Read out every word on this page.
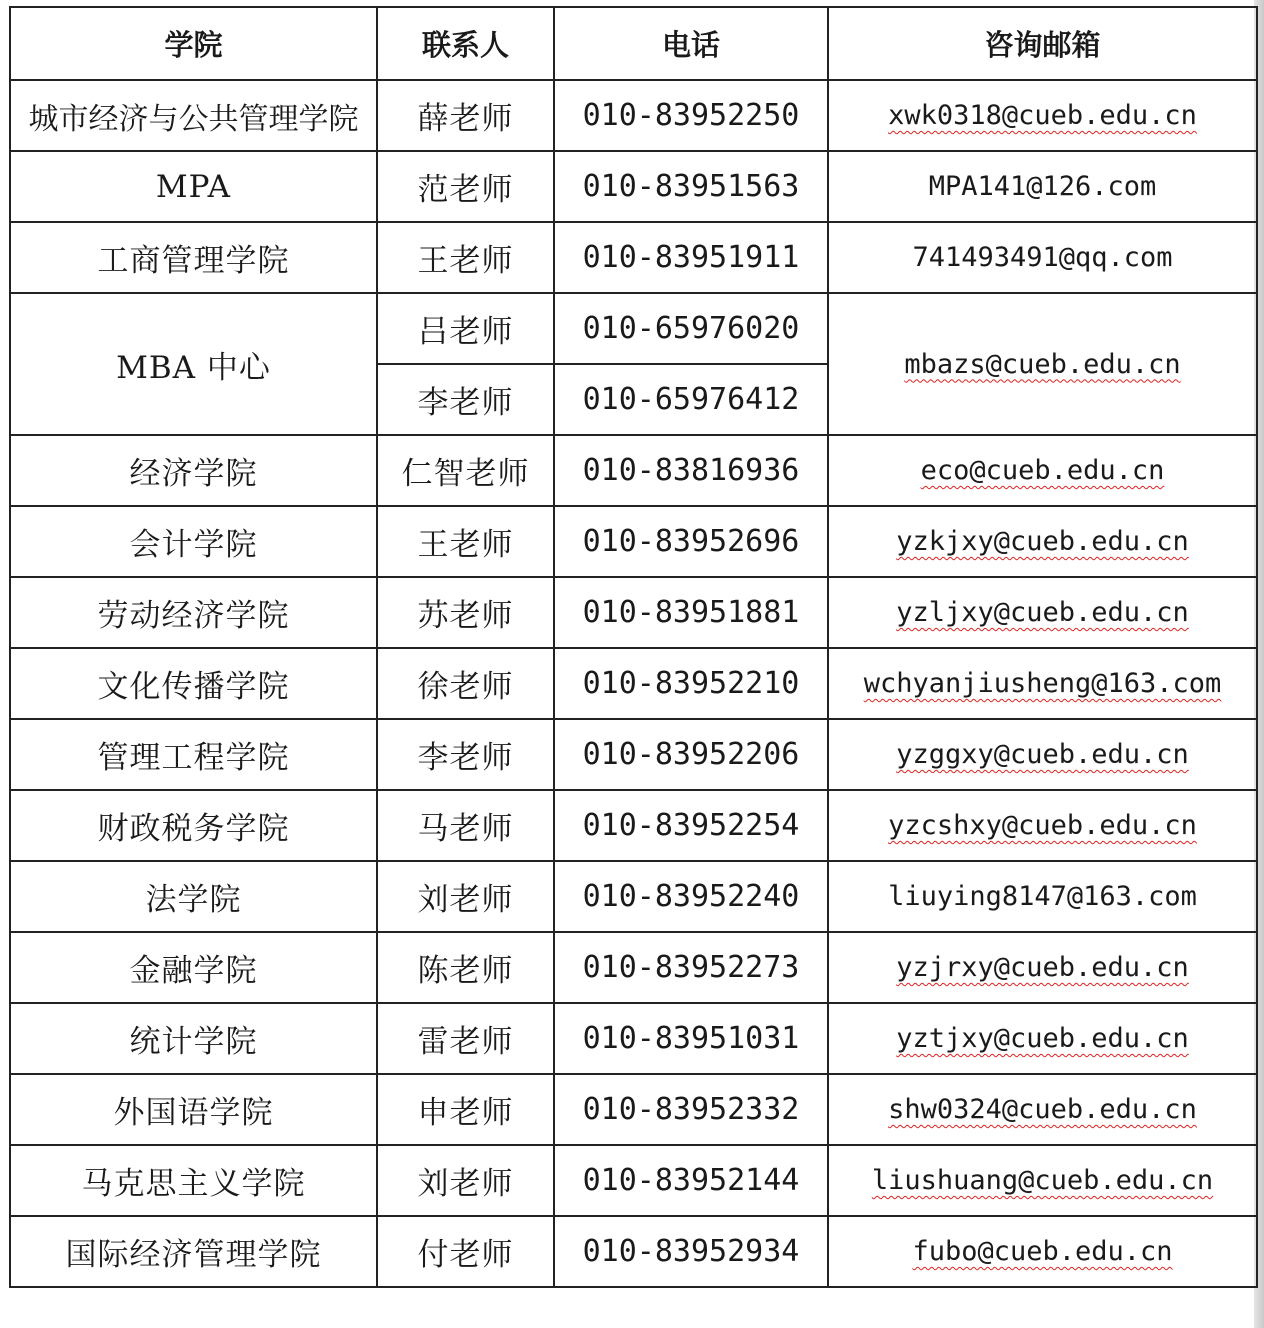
学院	联系人	电话	咨询邮箱
城市经济与公共管理学院	薛老师	010-83952250	xwk0318@cueb.edu.cn
MPA	范老师	010-83951563	MPA141@126.com
工商管理学院	王老师	010-83951911	741493491@qq.com
MBA 中心	吕老师	010-65976020	mbazs@cueb.edu.cn
	李老师	010-65976412	
经济学院	仁智老师	010-83816936	eco@cueb.edu.cn
会计学院	王老师	010-83952696	yzkjxy@cueb.edu.cn
劳动经济学院	苏老师	010-83951881	yzljxy@cueb.edu.cn
文化传播学院	徐老师	010-83952210	wchyanjiusheng@163.com
管理工程学院	李老师	010-83952206	yzggxy@cueb.edu.cn
财政税务学院	马老师	010-83952254	yzcshxy@cueb.edu.cn
法学院	刘老师	010-83952240	liuying8147@163.com
金融学院	陈老师	010-83952273	yzjrxy@cueb.edu.cn
统计学院	雷老师	010-83951031	yztjxy@cueb.edu.cn
外国语学院	申老师	010-83952332	shw0324@cueb.edu.cn
马克思主义学院	刘老师	010-83952144	liushuang@cueb.edu.cn
国际经济管理学院	付老师	010-83952934	fubo@cueb.edu.cn
